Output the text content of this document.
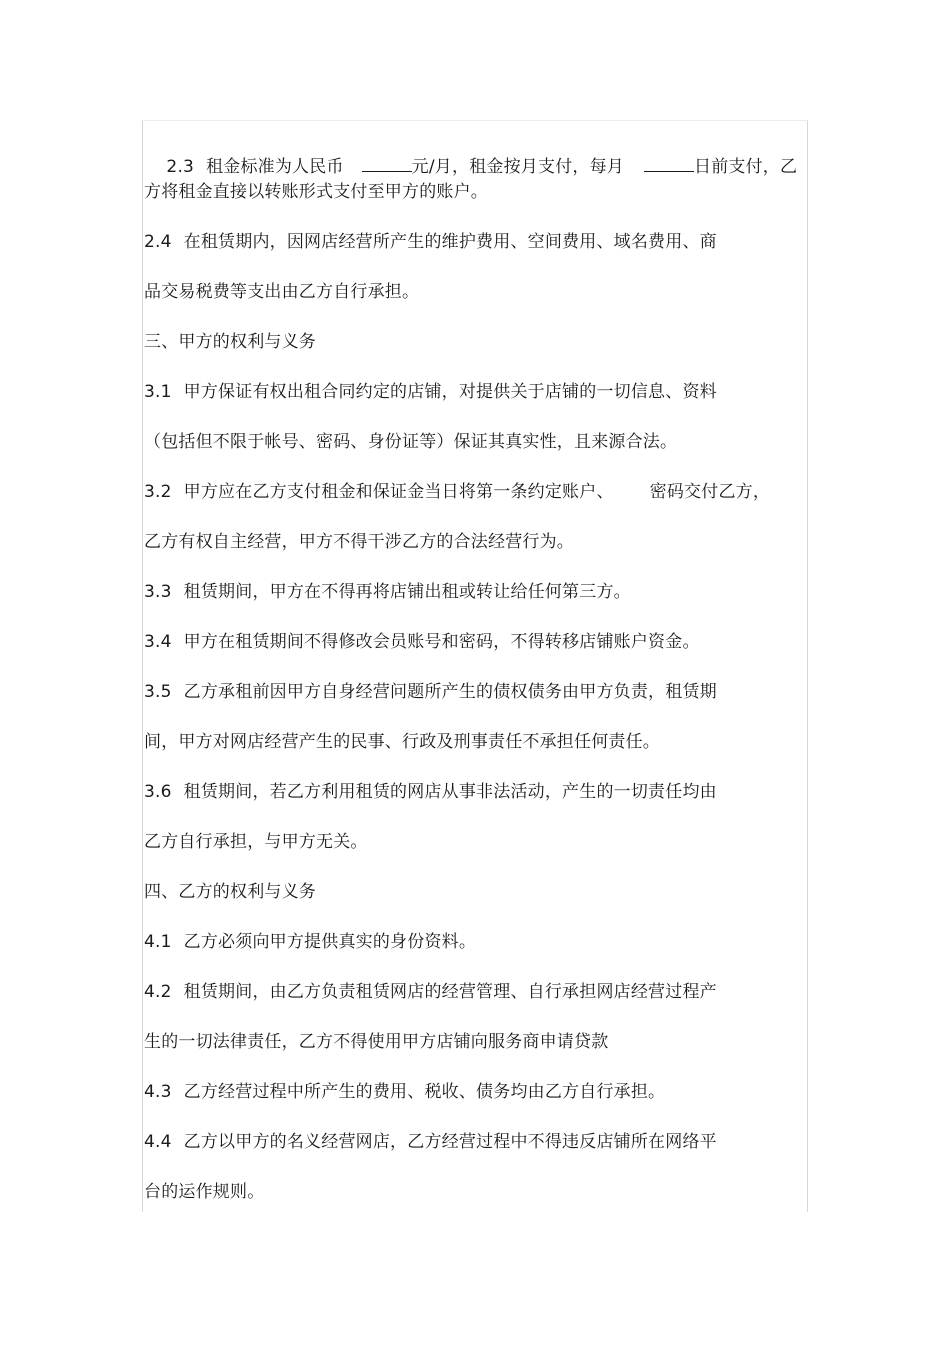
2.3 租金标准为人民币	元/月，租金按月支付，每月	日前支付，乙

方将租金直接以转账形式支付至甲方的账户。
2.4 在租赁期内，因网店经营所产生的维护费用、空间费用、域名费用、商
品交易税费等支出由乙方自行承担。
三、甲方的权利与义务
3.1 甲方保证有权出租合同约定的店铺，对提供关于店铺的一切信息、资料
（包括但不限于帐号、密码、身份证等）保证其真实性，且来源合法。
3.2 甲方应在乙方支付租金和保证金当日将第一条约定账户、 密码交付乙方，
乙方有权自主经营，甲方不得干涉乙方的合法经营行为。
3.3 租赁期间，甲方在不得再将店铺出租或转让给任何第三方。
3.4 甲方在租赁期间不得修改会员账号和密码，不得转移店铺账户资金。
3.5 乙方承租前因甲方自身经营问题所产生的债权债务由甲方负责，租赁期
间，甲方对网店经营产生的民事、行政及刑事责任不承担任何责任。
3.6 租赁期间，若乙方利用租赁的网店从事非法活动，产生的一切责任均由
乙方自行承担，与甲方无关。
四、乙方的权利与义务
4.1 乙方必须向甲方提供真实的身份资料。
4.2 租赁期间，由乙方负责租赁网店的经营管理、自行承担网店经营过程产
生的一切法律责任，乙方不得使用甲方店铺向服务商申请贷款
4.3 乙方经营过程中所产生的费用、税收、债务均由乙方自行承担。
4.4 乙方以甲方的名义经营网店，乙方经营过程中不得违反店铺所在网络平
台的运作规则。
